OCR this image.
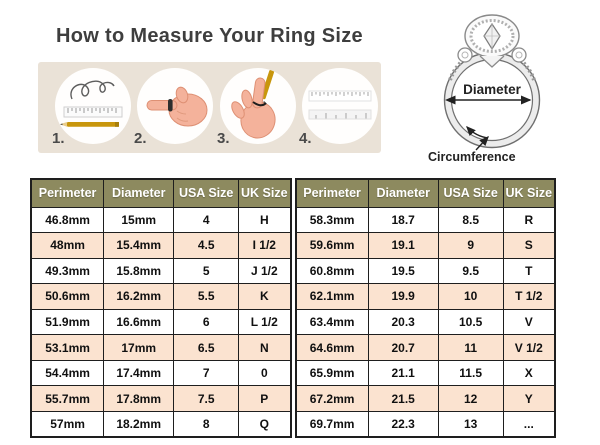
How to Measure Your Ring Size
1.	2.	3.	4.
Diameter
Circumference
Perimeter	Diameter	USA Size	UK Size
46.8mm	15mm	4	H
48mm	15.4mm	4.5	I 1/2
49.3mm	15.8mm	5	J 1/2
50.6mm	16.2mm	5.5	K
51.9mm	16.6mm	6	L 1/2
53.1mm	17mm	6.5	N
54.4mm	17.4mm	7	0
55.7mm	17.8mm	7.5	P
57mm	18.2mm	8	Q
Perimeter	Diameter	USA Size	UK Size
58.3mm	18.7	8.5	R
59.6mm	19.1	9	S
60.8mm	19.5	9.5	T
62.1mm	19.9	10	T 1/2
63.4mm	20.3	10.5	V
64.6mm	20.7	11	V 1/2
65.9mm	21.1	11.5	X
67.2mm	21.5	12	Y
69.7mm	22.3	13	...
